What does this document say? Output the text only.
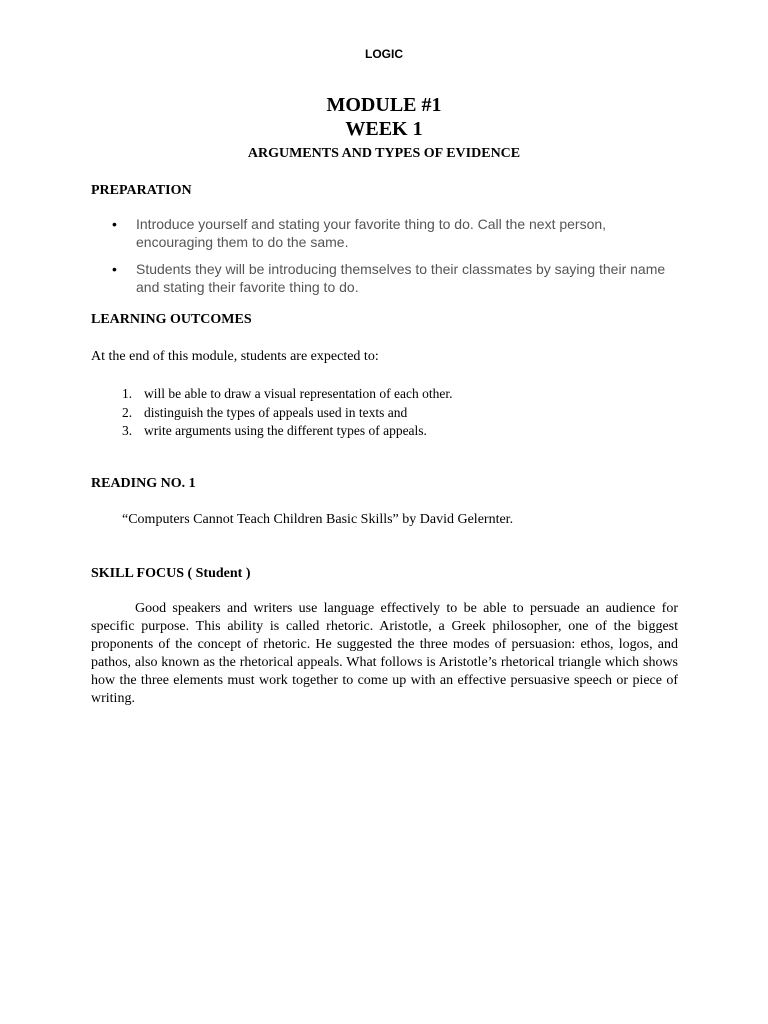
LOGIC
MODULE #1
WEEK 1
ARGUMENTS AND TYPES OF EVIDENCE
PREPARATION
• Introduce yourself and stating your favorite thing to do. Call the next person, encouraging them to do the same.
• Students they will be introducing themselves to their classmates by saying their name and stating their favorite thing to do.
LEARNING OUTCOMES

At the end of this module, students are expected to:

1. will be able to draw a visual representation of each other.
2. distinguish the types of appeals used in texts and
3. write arguments using the different types of appeals.
READING NO. 1

“Computers Cannot Teach Children Basic Skills” by David Gelernter.

SKILL FOCUS ( Student )

Good speakers and writers use language effectively to be able to persuade an audience for specific purpose. This ability is called rhetoric. Aristotle, a Greek philosopher, one of the biggest proponents of the concept of rhetoric. He suggested the three modes of persuasion: ethos, logos, and pathos, also known as the rhetorical appeals. What follows is Aristotle’s rhetorical triangle which shows how the three elements must work together to come up with an effective persuasive speech or piece of writing.
